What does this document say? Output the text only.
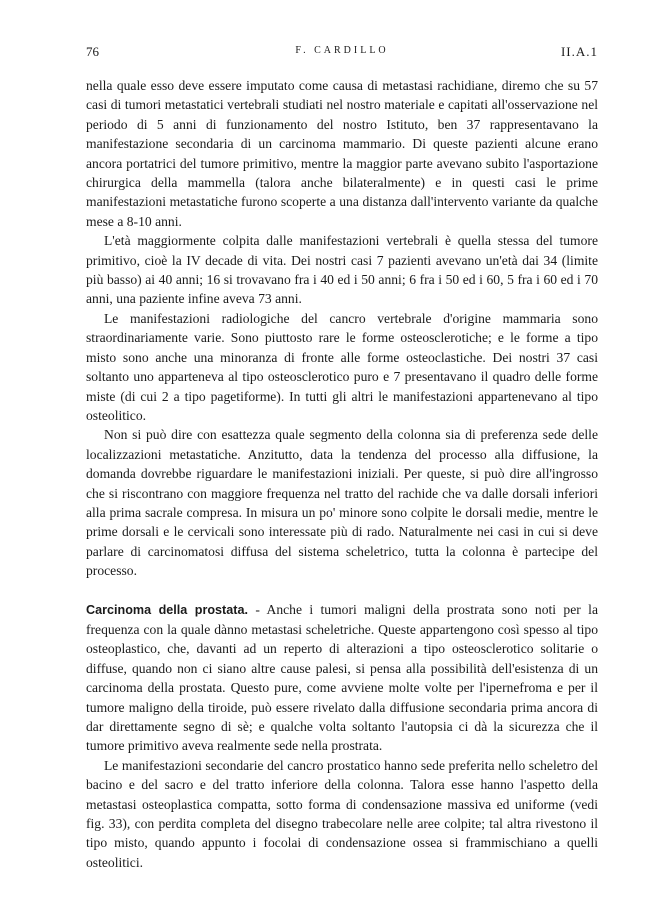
76	F. CARDILLO	II.A.1

nella quale esso deve essere imputato come causa di metastasi rachidiane, diremo che su 57 casi di tumori metastatici vertebrali studiati nel nostro materiale e capitati all'osservazione nel periodo di 5 anni di funzionamento del nostro Istituto, ben 37 rappresentavano la manifestazione secondaria di un carcinoma mammario. Di queste pazienti alcune erano ancora portatrici del tumore primitivo, mentre la maggior parte avevano subito l'asportazione chirurgica della mammella (talora anche bilateralmente) e in questi casi le prime manifestazioni metastatiche furono scoperte a una distanza dall'intervento variante da qualche mese a 8-10 anni.

L'età maggiormente colpita dalle manifestazioni vertebrali è quella stessa del tumore primitivo, cioè la IV decade di vita. Dei nostri casi 7 pazienti avevano un'età dai 34 (limite più basso) ai 40 anni; 16 si trovavano fra i 40 ed i 50 anni; 6 fra i 50 ed i 60, 5 fra i 60 ed i 70 anni, una paziente infine aveva 73 anni.

Le manifestazioni radiologiche del cancro vertebrale d'origine mammaria sono straordinariamente varie. Sono piuttosto rare le forme osteosclerotiche; e le forme a tipo misto sono anche una minoranza di fronte alle forme osteoclastiche. Dei nostri 37 casi soltanto uno apparteneva al tipo osteosclerotico puro e 7 presentavano il quadro delle forme miste (di cui 2 a tipo pagetiforme). In tutti gli altri le manifestazioni appartenevano al tipo osteolitico.

Non si può dire con esattezza quale segmento della colonna sia di preferenza sede delle localizzazioni metastatiche. Anzitutto, data la tendenza del processo alla diffusione, la domanda dovrebbe riguardare le manifestazioni iniziali. Per queste, si può dire all'ingrosso che si riscontrano con maggiore frequenza nel tratto del rachide che va dalle dorsali inferiori alla prima sacrale compresa. In misura un po' minore sono colpite le dorsali medie, mentre le prime dorsali e le cervicali sono interessate più di rado. Naturalmente nei casi in cui si deve parlare di carcinomatosi diffusa del sistema scheletrico, tutta la colonna è partecipe del processo.

Carcinoma della prostata. - Anche i tumori maligni della prostrata sono noti per la frequenza con la quale dànno metastasi scheletriche. Queste appartengono così spesso al tipo osteoplastico, che, davanti ad un reperto di alterazioni a tipo osteosclerotico solitarie o diffuse, quando non ci siano altre cause palesi, si pensa alla possibilità dell'esistenza di un carcinoma della prostata. Questo pure, come avviene molte volte per l'ipernefroma e per il tumore maligno della tiroide, può essere rivelato dalla diffusione secondaria prima ancora di dar direttamente segno di sè; e qualche volta soltanto l'autopsia ci dà la sicurezza che il tumore primitivo aveva realmente sede nella prostrata.

Le manifestazioni secondarie del cancro prostatico hanno sede preferita nello scheletro del bacino e del sacro e del tratto inferiore della colonna. Talora esse hanno l'aspetto della metastasi osteoplastica compatta, sotto forma di condensazione massiva ed uniforme (vedi fig. 33), con perdita completa del disegno trabecolare nelle aree colpite; tal altra rivestono il tipo misto, quando appunto i focolai di condensazione ossea si frammischiano a quelli osteolitici.
